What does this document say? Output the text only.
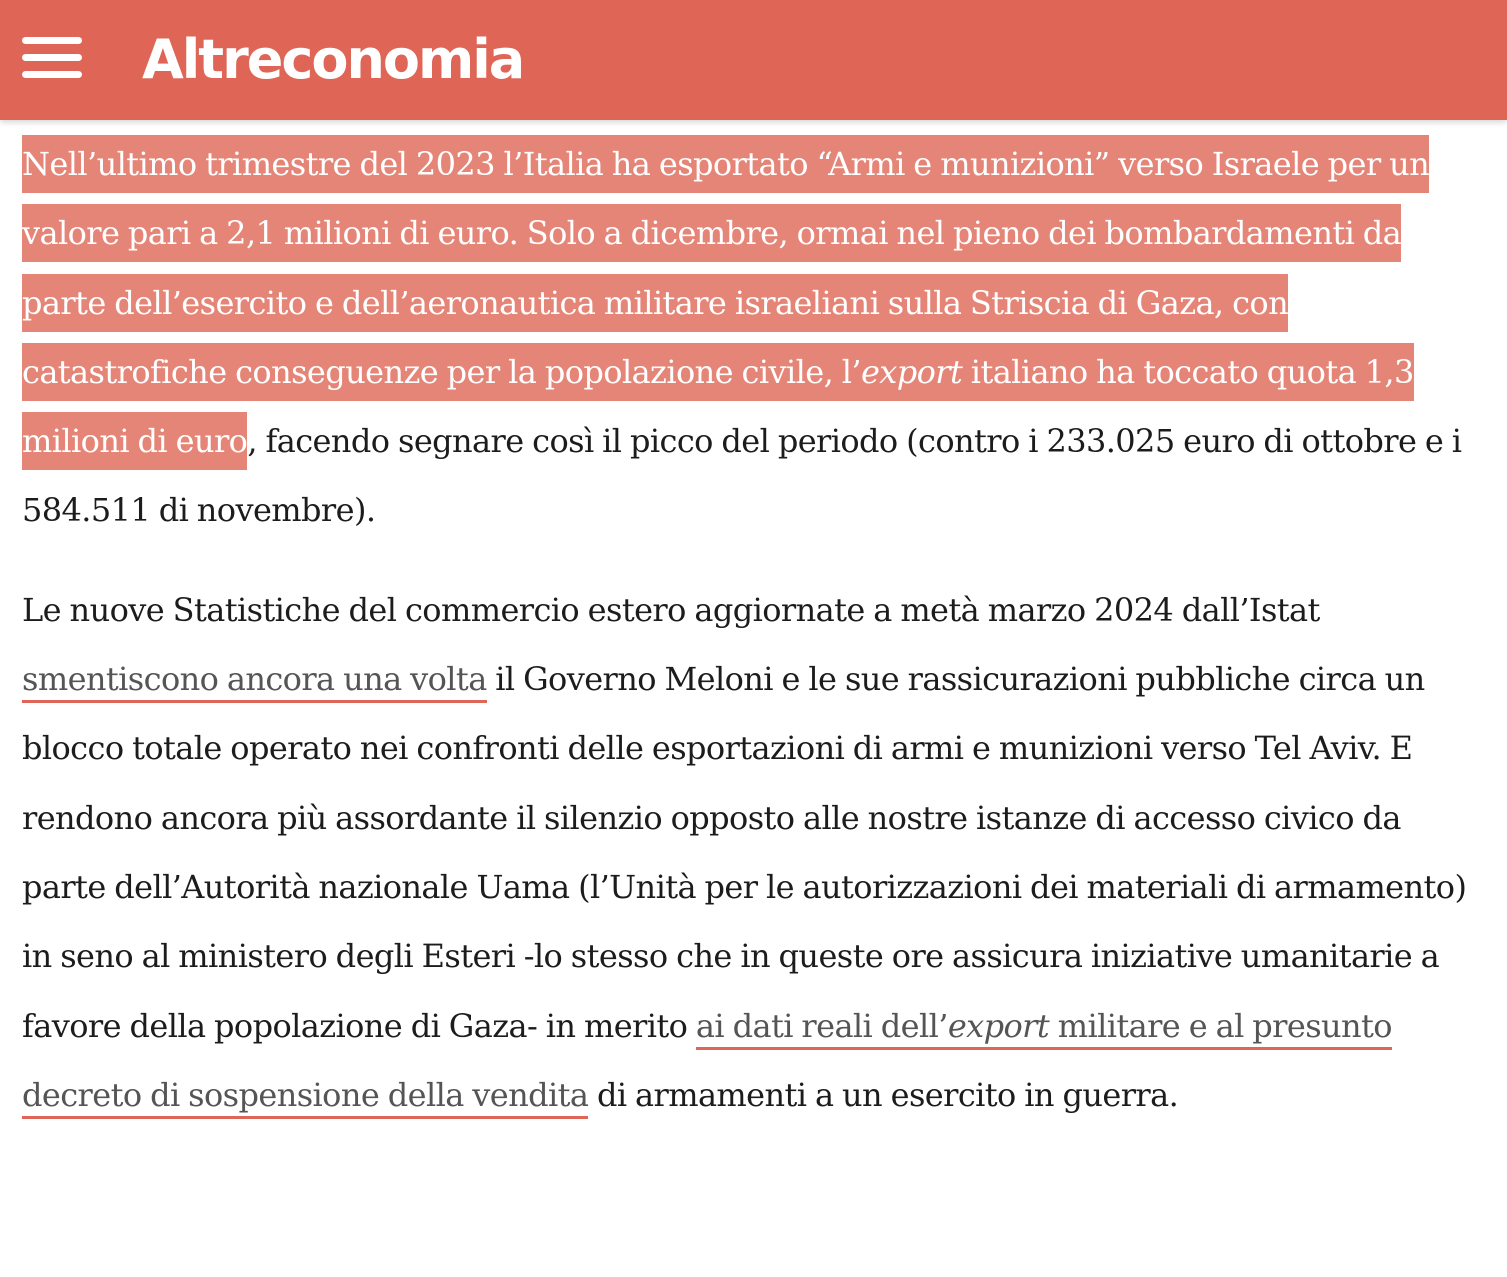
Altreconomia

Nell’ultimo trimestre del 2023 l’Italia ha esportato “Armi e munizioni” verso Israele per un valore pari a 2,1 milioni di euro. Solo a dicembre, ormai nel pieno dei bombardamenti da parte dell’esercito e dell’aeronautica militare israeliani sulla Striscia di Gaza, con catastrofiche conseguenze per la popolazione civile, l’export italiano ha toccato quota 1,3 milioni di euro, facendo segnare così il picco del periodo (contro i 233.025 euro di ottobre e i 584.511 di novembre).

Le nuove Statistiche del commercio estero aggiornate a metà marzo 2024 dall’Istat smentiscono ancora una volta il Governo Meloni e le sue rassicurazioni pubbliche circa un blocco totale operato nei confronti delle esportazioni di armi e munizioni verso Tel Aviv. E rendono ancora più assordante il silenzio opposto alle nostre istanze di accesso civico da parte dell’Autorità nazionale Uama (l’Unità per le autorizzazioni dei materiali di armamento) in seno al ministero degli Esteri -lo stesso che in queste ore assicura iniziative umanitarie a favore della popolazione di Gaza- in merito ai dati reali dell’export militare e al presunto decreto di sospensione della vendita di armamenti a un esercito in guerra.
